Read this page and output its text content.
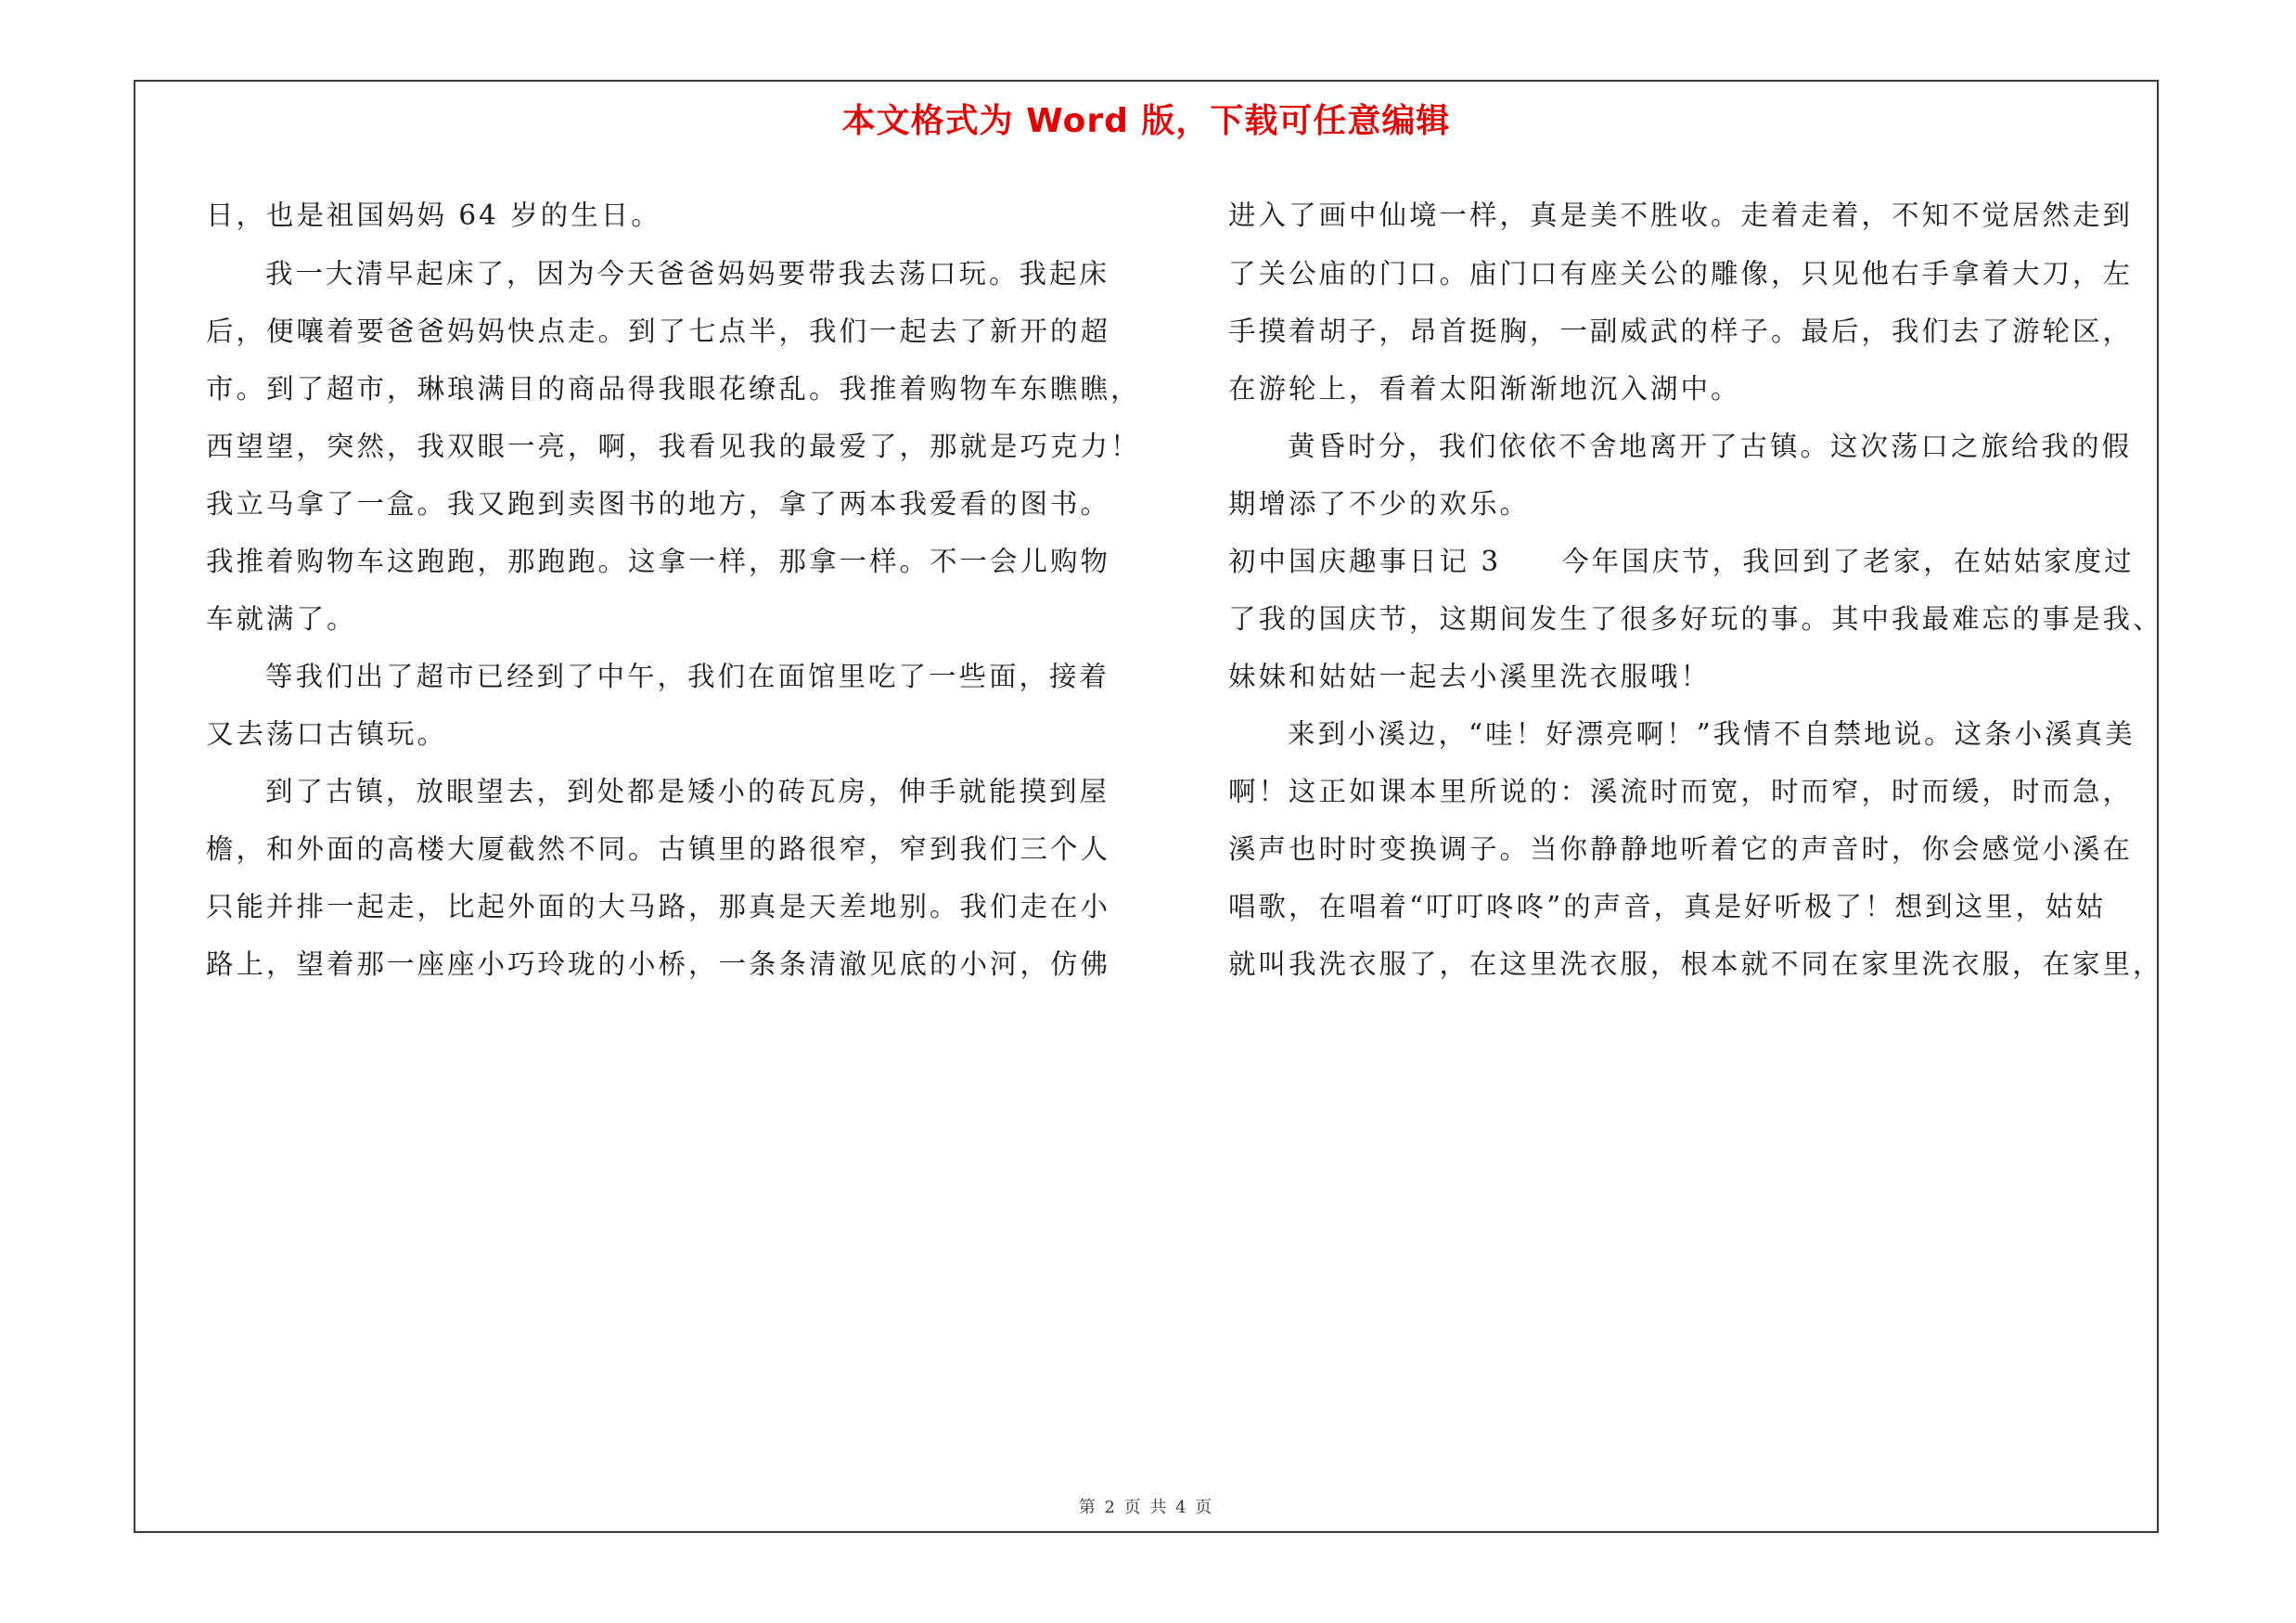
本文格式为 Word 版，下载可任意编辑
日，也是祖国妈妈 64 岁的生日。
我一大清早起床了，因为今天爸爸妈妈要带我去荡口玩。我起床
后，便嚷着要爸爸妈妈快点走。到了七点半，我们一起去了新开的超
市。到了超市，琳琅满目的商品得我眼花缭乱。我推着购物车东瞧瞧，
西望望，突然，我双眼一亮，啊，我看见我的最爱了，那就是巧克力！
我立马拿了一盒。我又跑到卖图书的地方，拿了两本我爱看的图书。
我推着购物车这跑跑，那跑跑。这拿一样，那拿一样。不一会儿购物
车就满了。
等我们出了超市已经到了中午，我们在面馆里吃了一些面，接着
又去荡口古镇玩。
到了古镇，放眼望去，到处都是矮小的砖瓦房，伸手就能摸到屋
檐，和外面的高楼大厦截然不同。古镇里的路很窄，窄到我们三个人
只能并排一起走，比起外面的大马路，那真是天差地别。我们走在小
路上，望着那一座座小巧玲珑的小桥，一条条清澈见底的小河，仿佛
进入了画中仙境一样，真是美不胜收。走着走着，不知不觉居然走到
了关公庙的门口。庙门口有座关公的雕像，只见他右手拿着大刀，左
手摸着胡子，昂首挺胸，一副威武的样子。最后，我们去了游轮区，
在游轮上，看着太阳渐渐地沉入湖中。
黄昏时分，我们依依不舍地离开了古镇。这次荡口之旅给我的假
期增添了不少的欢乐。
初中国庆趣事日记 3　　今年国庆节，我回到了老家，在姑姑家度过
了我的国庆节，这期间发生了很多好玩的事。其中我最难忘的事是我、
妹妹和姑姑一起去小溪里洗衣服哦！
来到小溪边，“哇！好漂亮啊！”我情不自禁地说。这条小溪真美
啊！这正如课本里所说的：溪流时而宽，时而窄，时而缓，时而急，
溪声也时时变换调子。当你静静地听着它的声音时，你会感觉小溪在
唱歌，在唱着“叮叮咚咚”的声音，真是好听极了！想到这里，姑姑
就叫我洗衣服了，在这里洗衣服，根本就不同在家里洗衣服，在家里，
第 2 页 共 4 页
